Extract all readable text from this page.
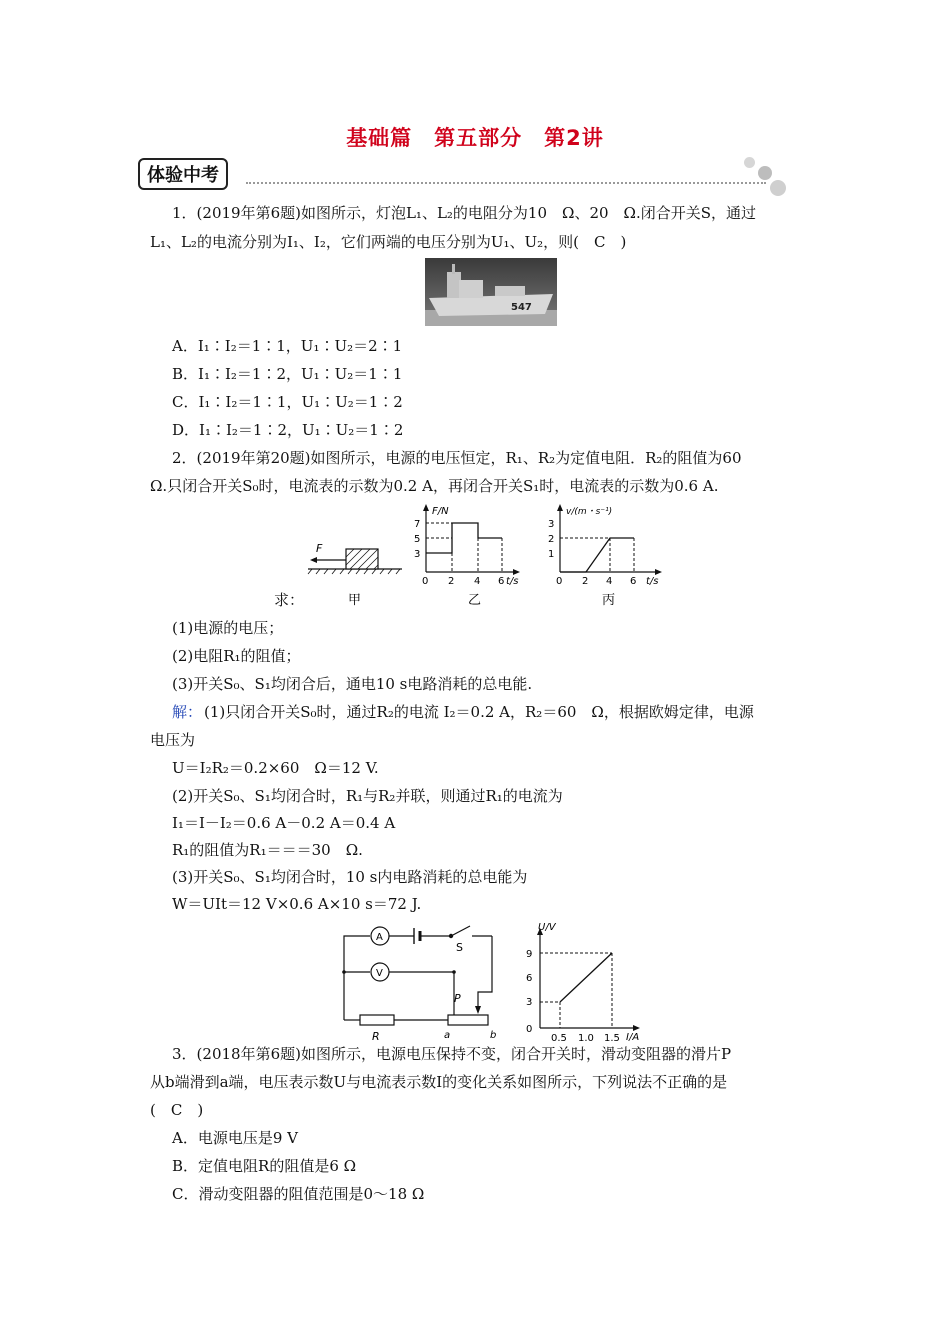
基础篇　第五部分　第2讲
体验中考
1．(2019年第6题)如图所示，灯泡L₁、L₂的电阻分为10　Ω、20　Ω.闭合开关S，通过
L₁、L₂的电流分别为I₁、I₂，它们两端的电压分别为U₁、U₂，则(　C　)
547
A．I₁∶I₂＝1∶1，U₁∶U₂＝2∶1
B．I₁∶I₂＝1∶2，U₁∶U₂＝1∶1
C．I₁∶I₂＝1∶1，U₁∶U₂＝1∶2
D．I₁∶I₂＝1∶2，U₁∶U₂＝1∶2
2．(2019年第20题)如图所示，电源的电压恒定，R₁、R₂为定值电阻．R₂的阻值为60
Ω.只闭合开关S₀时，电流表的示数为0.2 A，再闭合开关S₁时，电流表的示数为0.6 A.
F
甲
F/N
t/s
7
5
3
0 2 4 6
乙
v/(m・s⁻¹)
t/s
3
2
1
0 2 4 6
丙
求：
(1)电源的电压；
(2)电阻R₁的阻值；
(3)开关S₀、S₁均闭合后，通电10 s电路消耗的总电能.
解： (1)只闭合开关S₀时，通过R₂的电流 I₂＝0.2 A，R₂＝60　Ω，根据欧姆定律，电源
电压为
U＝I₂R₂＝0.2×60　Ω＝12 V.
(2)开关S₀、S₁均闭合时，R₁与R₂并联，则通过R₁的电流为
I₁＝I－I₂＝0.6 A－0.2 A＝0.4 A
R₁的阻值为R₁＝＝＝30　Ω.
(3)开关S₀、S₁均闭合时，10 s内电路消耗的总电能为
W＝UIt＝12 V×0.6 A×10 s＝72 J.
A
V
S
R
P
a	b
U/V
I/A
9
6
3
0
0.5 1.0 1.5
3．(2018年第6题)如图所示，电源电压保持不变，闭合开关时，滑动变阻器的滑片P
从b端滑到a端，电压表示数U与电流表示数I的变化关系如图所示，下列说法不正确的是
(　C　)
A．电源电压是9 V
B．定值电阻R的阻值是6 Ω
C．滑动变阻器的阻值范围是0～18 Ω
